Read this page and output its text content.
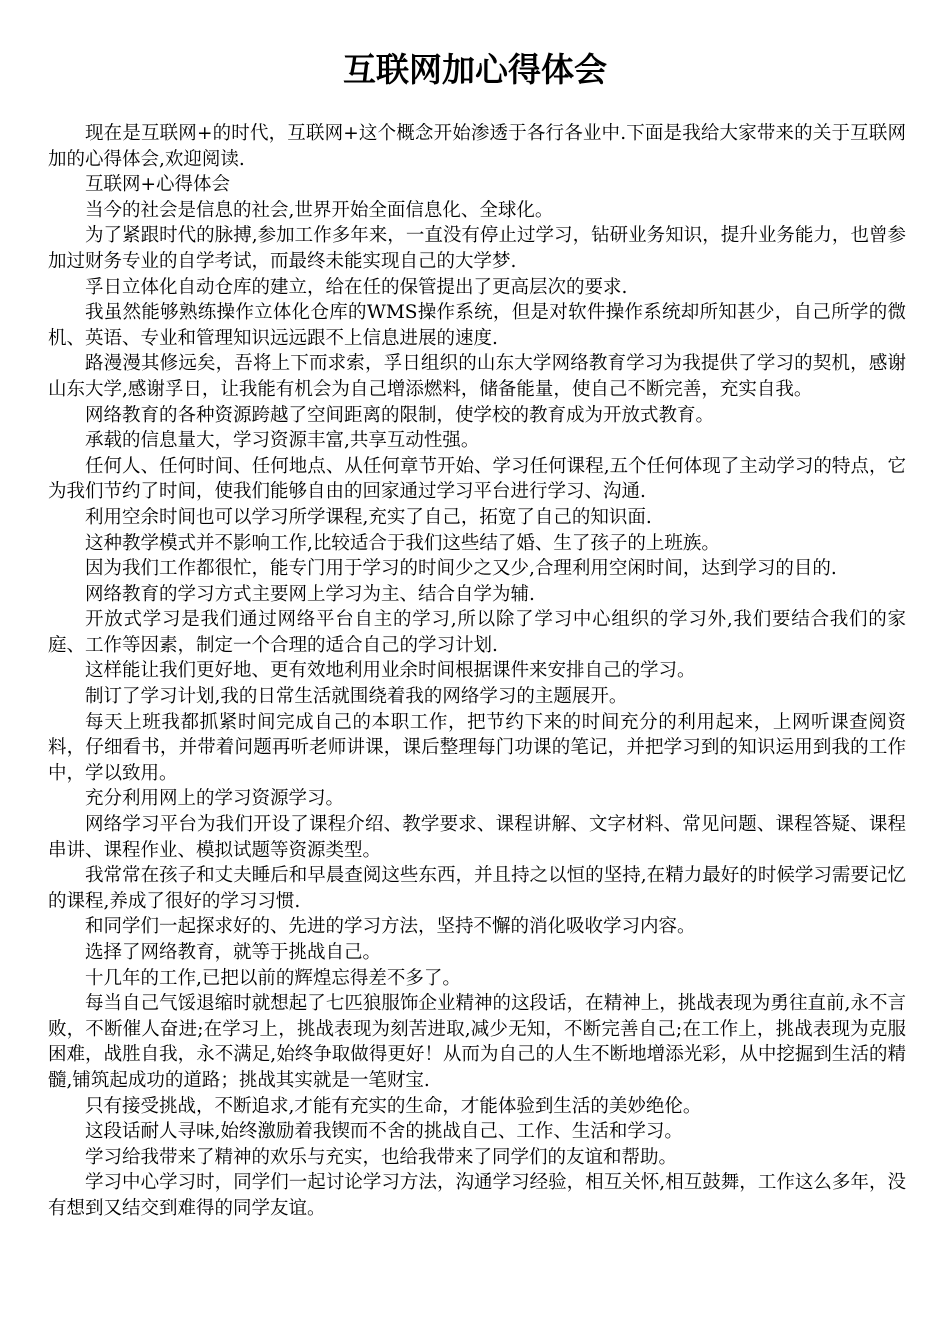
互联网加心得体会

现在是互联网+的时代，互联网+这个概念开始渗透于各行各业中.下面是我给大家带来的关于互联网加的心得体会,欢迎阅读.

互联网+心得体会

当今的社会是信息的社会,世界开始全面信息化、全球化。

为了紧跟时代的脉搏,参加工作多年来，一直没有停止过学习，钻研业务知识，提升业务能力，也曾参加过财务专业的自学考试，而最终未能实现自己的大学梦.

孚日立体化自动仓库的建立，给在任的保管提出了更高层次的要求.

我虽然能够熟练操作立体化仓库的WMS操作系统，但是对软件操作系统却所知甚少，自己所学的微机、英语、专业和管理知识远远跟不上信息进展的速度.

路漫漫其修远矣，吾将上下而求索，孚日组织的山东大学网络教育学习为我提供了学习的契机，感谢山东大学,感谢孚日，让我能有机会为自己增添燃料，储备能量，使自己不断完善，充实自我。

网络教育的各种资源跨越了空间距离的限制，使学校的教育成为开放式教育。

承载的信息量大，学习资源丰富,共享互动性强。

任何人、任何时间、任何地点、从任何章节开始、学习任何课程,五个任何体现了主动学习的特点，它为我们节约了时间，使我们能够自由的回家通过学习平台进行学习、沟通.

利用空余时间也可以学习所学课程,充实了自己，拓宽了自己的知识面.

这种教学模式并不影响工作,比较适合于我们这些结了婚、生了孩子的上班族。

因为我们工作都很忙，能专门用于学习的时间少之又少,合理利用空闲时间，达到学习的目的.

网络教育的学习方式主要网上学习为主、结合自学为辅.

开放式学习是我们通过网络平台自主的学习,所以除了学习中心组织的学习外,我们要结合我们的家庭、工作等因素，制定一个合理的适合自己的学习计划.

这样能让我们更好地、更有效地利用业余时间根据课件来安排自己的学习。

制订了学习计划,我的日常生活就围绕着我的网络学习的主题展开。

每天上班我都抓紧时间完成自己的本职工作，把节约下来的时间充分的利用起来，上网听课查阅资料，仔细看书，并带着问题再听老师讲课，课后整理每门功课的笔记，并把学习到的知识运用到我的工作中，学以致用。

充分利用网上的学习资源学习。

网络学习平台为我们开设了课程介绍、教学要求、课程讲解、文字材料、常见问题、课程答疑、课程串讲、课程作业、模拟试题等资源类型。

我常常在孩子和丈夫睡后和早晨查阅这些东西，并且持之以恒的坚持,在精力最好的时候学习需要记忆的课程,养成了很好的学习习惯.

和同学们一起探求好的、先进的学习方法，坚持不懈的消化吸收学习内容。

选择了网络教育，就等于挑战自己。

十几年的工作,已把以前的辉煌忘得差不多了。

每当自己气馁退缩时就想起了七匹狼服饰企业精神的这段话，在精神上，挑战表现为勇往直前,永不言败，不断催人奋进;在学习上，挑战表现为刻苦进取,减少无知，不断完善自己;在工作上，挑战表现为克服困难，战胜自我，永不满足,始终争取做得更好！从而为自己的人生不断地增添光彩，从中挖掘到生活的精髓,铺筑起成功的道路；挑战其实就是一笔财宝.

只有接受挑战，不断追求,才能有充实的生命，才能体验到生活的美妙绝伦。

这段话耐人寻味,始终激励着我锲而不舍的挑战自己、工作、生活和学习。

学习给我带来了精神的欢乐与充实，也给我带来了同学们的友谊和帮助。

学习中心学习时，同学们一起讨论学习方法，沟通学习经验，相互关怀,相互鼓舞，工作这么多年，没有想到又结交到难得的同学友谊。
